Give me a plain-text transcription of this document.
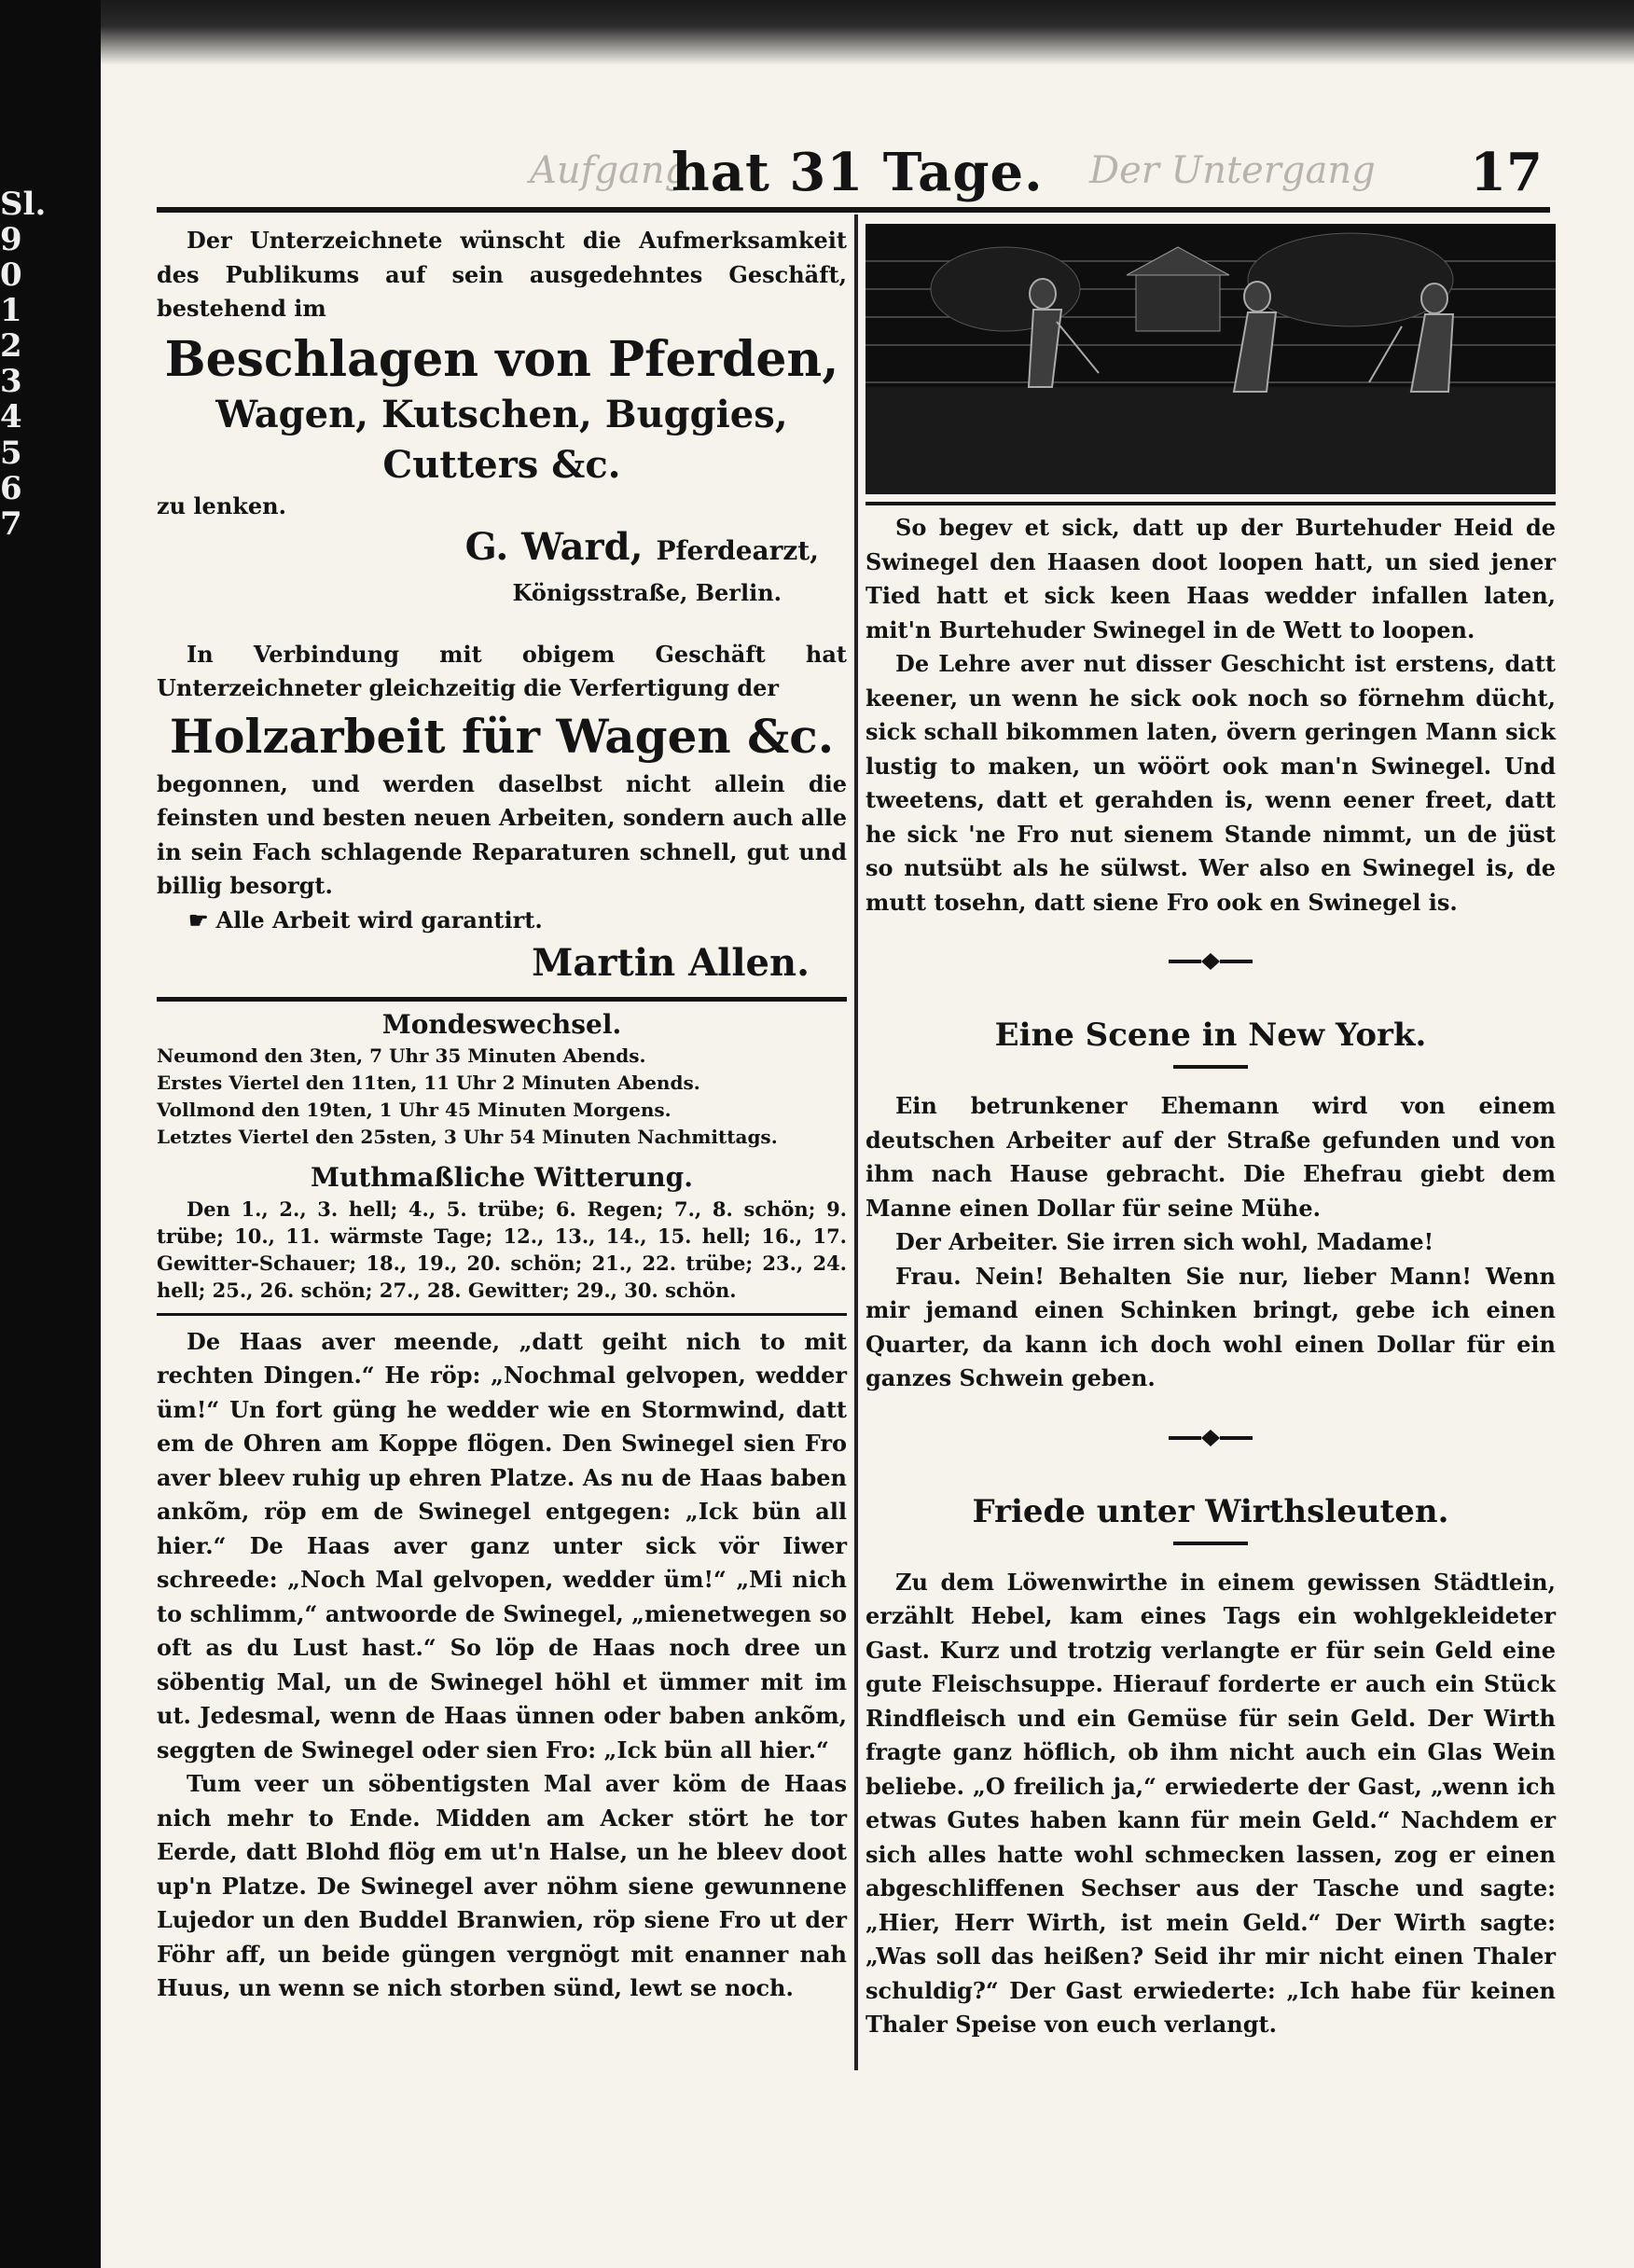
Sl.
9
0
1
2
3
4
5
6
7
Aufgang
hat 31 Tage. Der Untergang 17

Der Unterzeichnete wünscht die Aufmerksamkeit des Publikums auf sein ausgedehntes Geschäft, bestehend im

Beschlagen von Pferden,

Wagen, Kutschen, Buggies, Cutters &c.

zu lenken.

G. Ward, Pferdearzt,
Königsstraße, Berlin.

In Verbindung mit obigem Geschäft hat Unterzeichneter gleichzeitig die Verfertigung der

Holzarbeit für Wagen &c.

begonnen, und werden daselbst nicht allein die feinsten und besten neuen Arbeiten, sondern auch alle in sein Fach schlagende Reparaturen schnell, gut und billig besorgt.

☛ Alle Arbeit wird garantirt.

Martin Allen.

Mondeswechsel.

Neumond den 3ten, 7 Uhr 35 Minuten Abends.

Erstes Viertel den 11ten, 11 Uhr 2 Minuten Abends.

Vollmond den 19ten, 1 Uhr 45 Minuten Morgens.

Letztes Viertel den 25sten, 3 Uhr 54 Minuten Nachmittags.

Muthmaßliche Witterung.

Den 1., 2., 3. hell; 4., 5. trübe; 6. Regen; 7., 8. schön; 9. trübe; 10., 11. wärmste Tage; 12., 13., 14., 15. hell; 16., 17. Gewitter-Schauer; 18., 19., 20. schön; 21., 22. trübe; 23., 24. hell; 25., 26. schön; 27., 28. Gewitter; 29., 30. schön.

De Haas aver meende, „datt geiht nich to mit rechten Dingen.“ He röp: „Nochmal gelvopen, wedder üm!“ Un fort güng he wedder wie en Stormwind, datt em de Ohren am Koppe flögen. Den Swinegel sien Fro aver bleev ruhig up ehren Platze. As nu de Haas baben ankõm, röp em de Swinegel entgegen: „Ick bün all hier.“ De Haas aver ganz unter sick vör Iiwer schreede: „Noch Mal gelvopen, wedder üm!“ „Mi nich to schlimm,“ antwoorde de Swinegel, „mienetwegen so oft as du Lust hast.“ So löp de Haas noch dree un söbentig Mal, un de Swinegel höhl et ümmer mit im ut. Jedesmal, wenn de Haas ünnen oder baben ankõm, seggten de Swinegel oder sien Fro: „Ick bün all hier.“

Tum veer un söbentigsten Mal aver köm de Haas nich mehr to Ende. Midden am Acker stört he tor Eerde, datt Blohd flög em ut'n Halse, un he bleev doot up'n Platze. De Swinegel aver nöhm siene gewunnene Lujedor un den Buddel Branwien, röp siene Fro ut der Föhr aff, un beide güngen vergnögt mit enanner nah Huus, un wenn se nich storben sünd, lewt se noch.

So begev et sick, datt up der Burtehuder Heid de Swinegel den Haasen doot loopen hatt, un sied jener Tied hatt et sick keen Haas wedder infallen laten, mit'n Burtehuder Swinegel in de Wett to loopen.

De Lehre aver nut disser Geschicht ist erstens, datt keener, un wenn he sick ook noch so förnehm dücht, sick schall bikommen laten, övern geringen Mann sick lustig to maken, un wöört ook man'n Swinegel. Und tweetens, datt et gerahden is, wenn eener freet, datt he sick 'ne Fro nut sienem Stande nimmt, un de jüst so nutsübt als he sülwst. Wer also en Swinegel is, de mutt tosehn, datt siene Fro ook en Swinegel is.

Eine Scene in New York.

Ein betrunkener Ehemann wird von einem deutschen Arbeiter auf der Straße gefunden und von ihm nach Hause gebracht. Die Ehefrau giebt dem Manne einen Dollar für seine Mühe.

Der Arbeiter. Sie irren sich wohl, Madame!

Frau. Nein! Behalten Sie nur, lieber Mann! Wenn mir jemand einen Schinken bringt, gebe ich einen Quarter, da kann ich doch wohl einen Dollar für ein ganzes Schwein geben.

Friede unter Wirthsleuten.

Zu dem Löwenwirthe in einem gewissen Städtlein, erzählt Hebel, kam eines Tags ein wohlgekleideter Gast. Kurz und trotzig verlangte er für sein Geld eine gute Fleischsuppe. Hierauf forderte er auch ein Stück Rindfleisch und ein Gemüse für sein Geld. Der Wirth fragte ganz höflich, ob ihm nicht auch ein Glas Wein beliebe. „O freilich ja,“ erwiederte der Gast, „wenn ich etwas Gutes haben kann für mein Geld.“ Nachdem er sich alles hatte wohl schmecken lassen, zog er einen abgeschliffenen Sechser aus der Tasche und sagte: „Hier, Herr Wirth, ist mein Geld.“ Der Wirth sagte: „Was soll das heißen? Seid ihr mir nicht einen Thaler schuldig?“ Der Gast erwiederte: „Ich habe für keinen Thaler Speise von euch verlangt.
